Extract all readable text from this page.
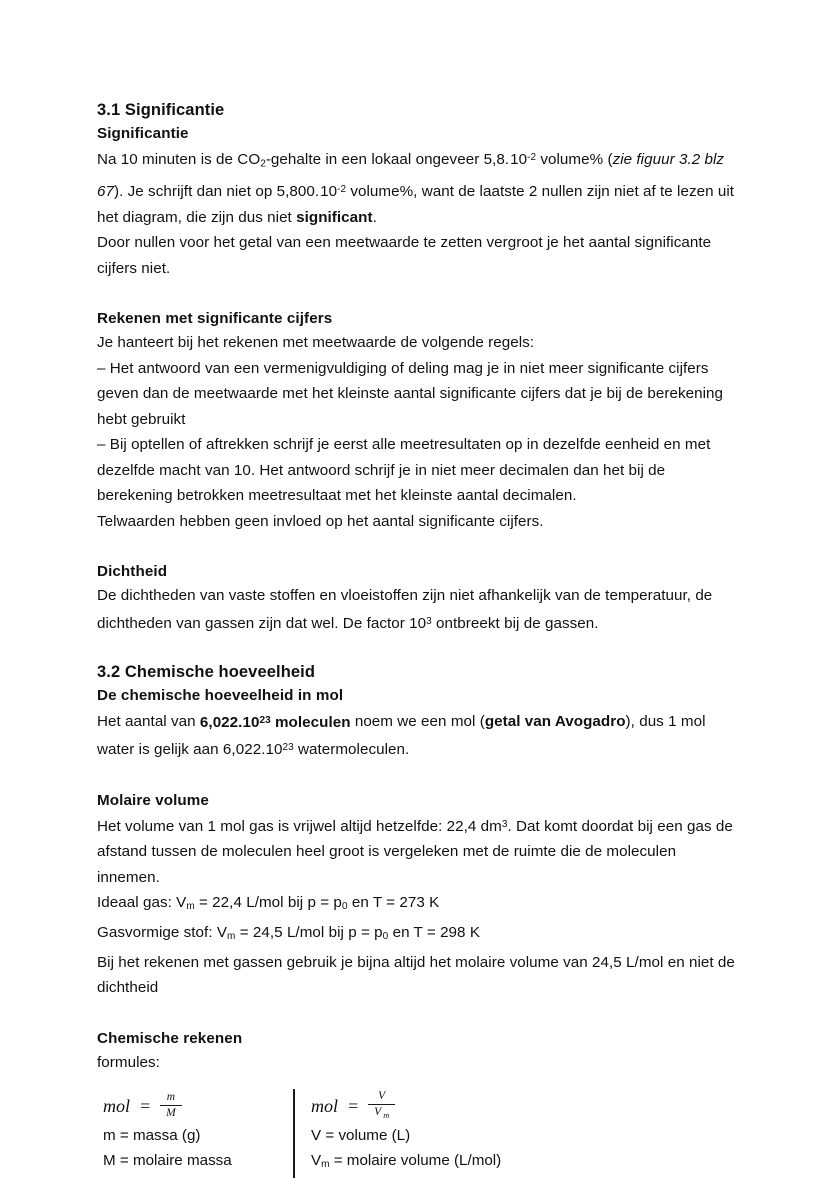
3.1 Significantie
Significantie

Na 10 minuten is de $CO_2$-gehalte in een lokaal ongeveer $5,8.10^{-2}$ volume% (zie figuur 3.2 blz 67). Je schrijft dan niet op $5,800.10^{-2}$ volume%, want de laatste 2 nullen zijn niet af te lezen uit het diagram, die zijn dus niet significant.

Door nullen voor het getal van een meetwaarde te zetten vergroot je het aantal significante cijfers niet.

Rekenen met significante cijfers

Je hanteert bij het rekenen met meetwaarde de volgende regels:

– Het antwoord van een vermenigvuldiging of deling mag je in niet meer significante cijfers geven dan de meetwaarde met het kleinste aantal significante cijfers dat je bij de berekening hebt gebruikt

– Bij optellen of aftrekken schrijf je eerst alle meetresultaten op in dezelfde eenheid en met dezelfde macht van 10. Het antwoord schrijf je in niet meer decimalen dan het bij de berekening betrokken meetresultaat met het kleinste aantal decimalen.

Telwaarden hebben geen invloed op het aantal significante cijfers.

Dichtheid

De dichtheden van vaste stoffen en vloeistoffen zijn niet afhankelijk van de temperatuur, de dichtheden van gassen zijn dat wel. De factor $10^3$ ontbreekt bij de gassen.

3.2 Chemische hoeveelheid
De chemische hoeveelheid in mol

Het aantal van 6,022.10$^{23}$ moleculen noem we een mol (getal van Avogadro), dus 1 mol water is gelijk aan 6,022.10$^{23}$ watermoleculen.

Molaire volume

Het volume van 1 mol gas is vrijwel altijd hetzelfde: 22,4 $dm^3$. Dat komt doordat bij een gas de afstand tussen de moleculen heel groot is vergeleken met de ruimte die de moleculen innemen.

Ideaal gas: $V_m = 22,4$ L/mol bij $p = p_0$ en T = 273 K

Gasvormige stof: $V_m = 24,5$ L/mol bij $p = p_0$ en T = 298 K

Bij het rekenen met gassen gebruik je bijna altijd het molaire volume van 24,5 L/mol en niet de dichtheid

Chemische rekenen

formules:

mol = $\frac{m}{M}$
m = massa (g)
M = molaire massa
mol = $\frac{V}{V _m}$
V = volume (L)
$V_m$ = molaire volume (L/mol)
